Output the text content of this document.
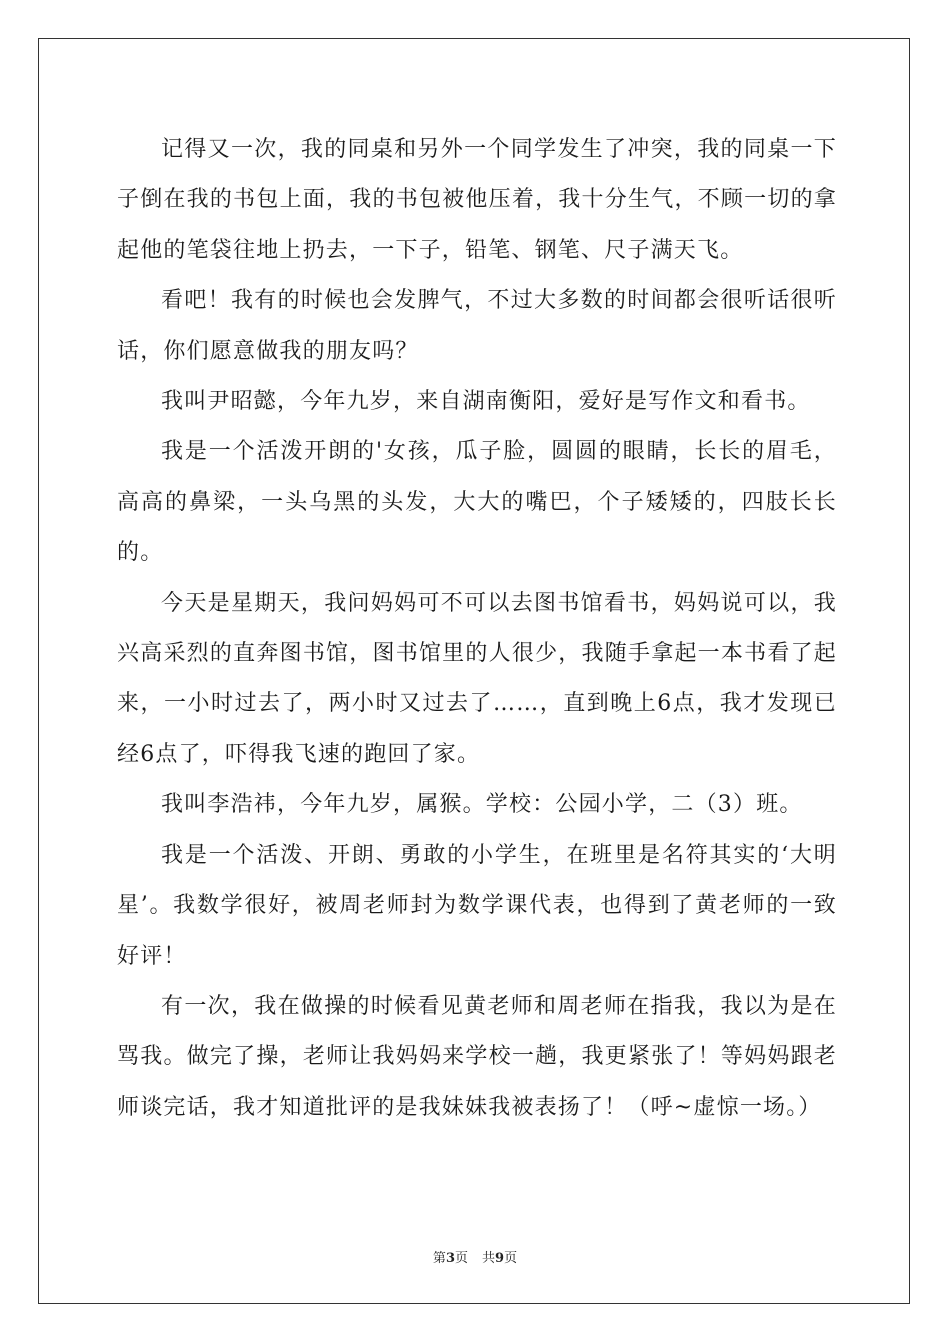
记得又一次，我的同桌和另外一个同学发生了冲突，我的同桌一下子倒在我的书包上面，我的书包被他压着，我十分生气，不顾一切的拿起他的笔袋往地上扔去，一下子，铅笔、钢笔、尺子满天飞。

看吧！我有的时候也会发脾气，不过大多数的时间都会很听话很听话，你们愿意做我的朋友吗？

我叫尹昭懿，今年九岁，来自湖南衡阳，爱好是写作文和看书。

我是一个活泼开朗的'女孩，瓜子脸，圆圆的眼睛，长长的眉毛，高高的鼻梁，一头乌黑的头发，大大的嘴巴，个子矮矮的，四肢长长的。

今天是星期天，我问妈妈可不可以去图书馆看书，妈妈说可以，我兴高采烈的直奔图书馆，图书馆里的人很少，我随手拿起一本书看了起来，一小时过去了，两小时又过去了……，直到晚上6点，我才发现已经6点了，吓得我飞速的跑回了家。

我叫李浩祎，今年九岁，属猴。学校：公园小学，二（3）班。

我是一个活泼、开朗、勇敢的小学生，在班里是名符其实的‘大明星’。我数学很好，被周老师封为数学课代表，也得到了黄老师的一致好评！

有一次，我在做操的时候看见黄老师和周老师在指我，我以为是在骂我。做完了操，老师让我妈妈来学校一趟，我更紧张了！等妈妈跟老师谈完话，我才知道批评的是我妹妹我被表扬了！（呼~虚惊一场。）

第3页 共9页
